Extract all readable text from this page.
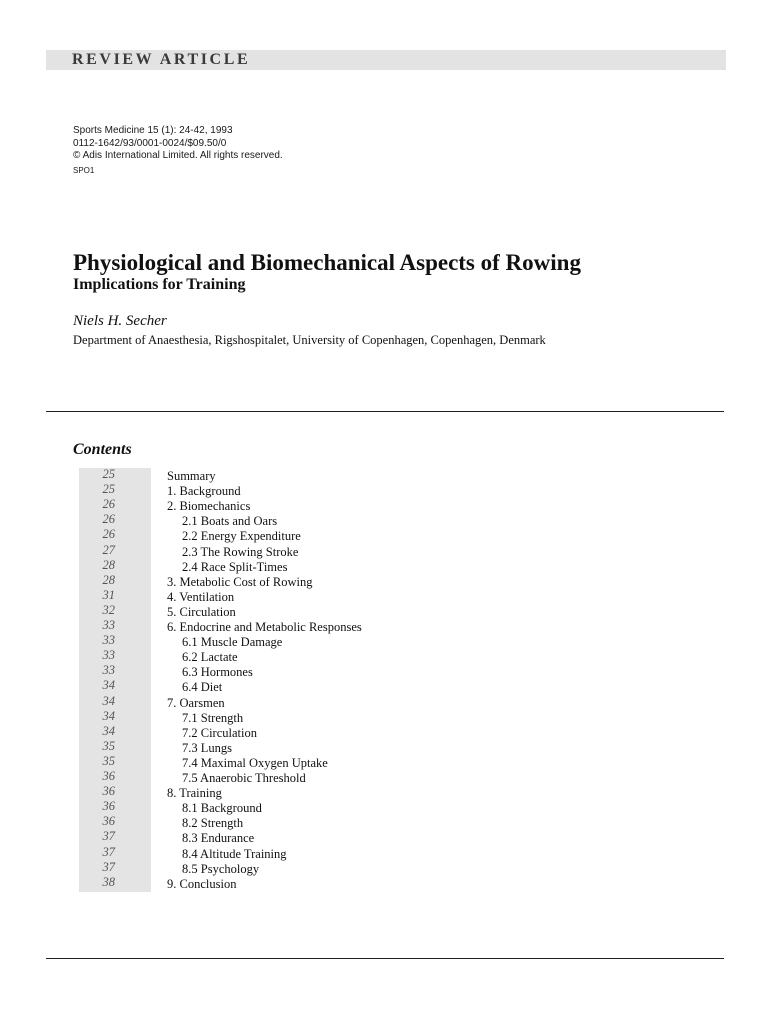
REVIEW ARTICLE
Sports Medicine 15 (1): 24-42, 1993
0112-1642/93/0001-0024/$09.50/0
© Adis International Limited. All rights reserved.
SPO1
Physiological and Biomechanical Aspects of Rowing
Implications for Training
Niels H. Secher
Department of Anaesthesia, Rigshospitalet, University of Copenhagen, Copenhagen, Denmark
Contents
25
25
26
26
26
27
28
28
31
32
33
33
33
33
34
34
34
34
35
35
36
36
36
36
37
37
37
38
Summary
1. Background
2. Biomechanics
2.1 Boats and Oars
2.2 Energy Expenditure
2.3 The Rowing Stroke
2.4 Race Split-Times
3. Metabolic Cost of Rowing
4. Ventilation
5. Circulation
6. Endocrine and Metabolic Responses
6.1 Muscle Damage
6.2 Lactate
6.3 Hormones
6.4 Diet
7. Oarsmen
7.1 Strength
7.2 Circulation
7.3 Lungs
7.4 Maximal Oxygen Uptake
7.5 Anaerobic Threshold
8. Training
8.1 Background
8.2 Strength
8.3 Endurance
8.4 Altitude Training
8.5 Psychology
9. Conclusion
